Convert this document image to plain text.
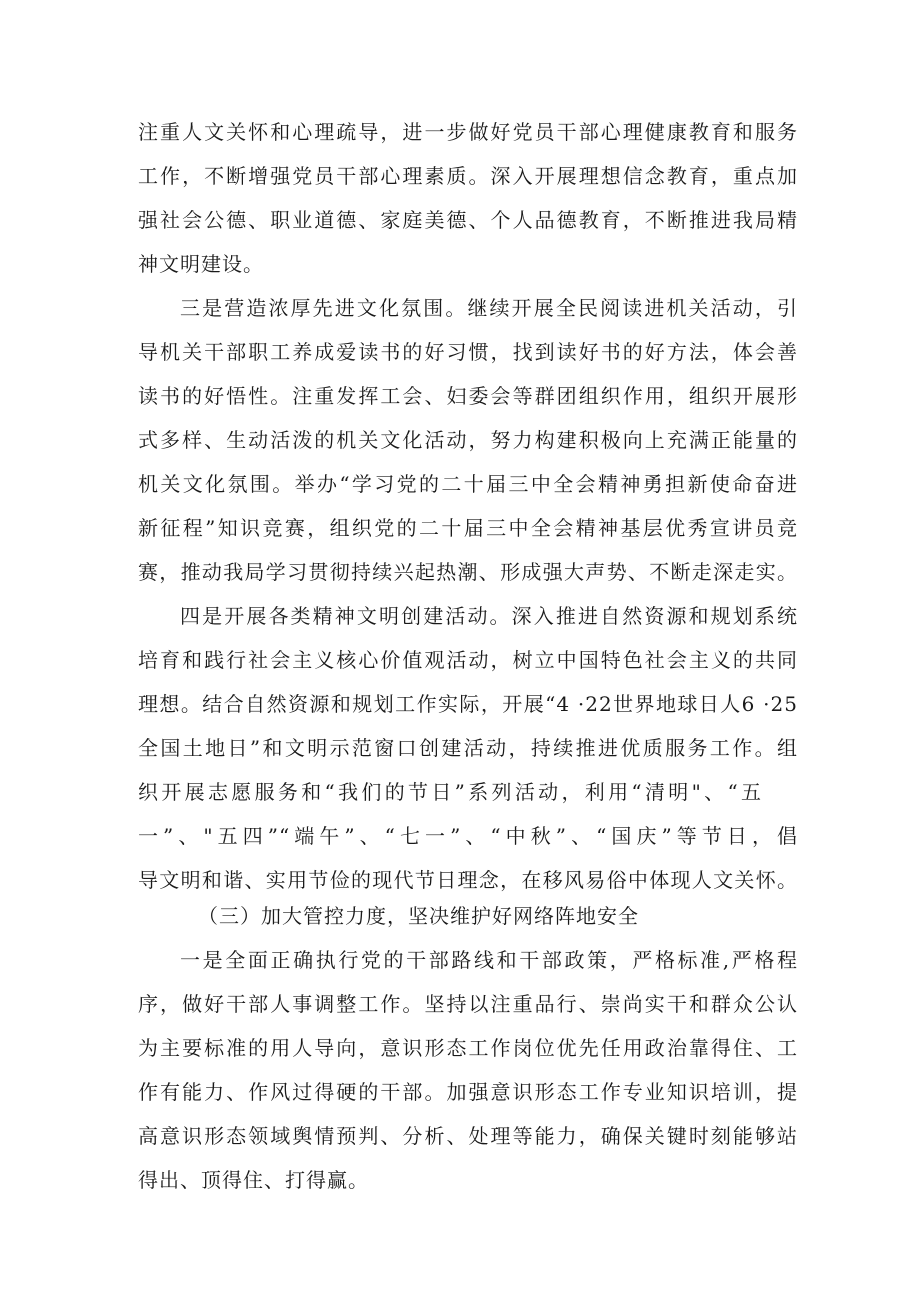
注重人文关怀和心理疏导，进一步做好党员干部心理健康教育和服务
工作，不断增强党员干部心理素质。深入开展理想信念教育，重点加
强社会公德、职业道德、家庭美德、个人品德教育，不断推进我局精
神文明建设。
三是营造浓厚先进文化氛围。继续开展全民阅读进机关活动，引
导机关干部职工养成爱读书的好习惯，找到读好书的好方法，体会善
读书的好悟性。注重发挥工会、妇委会等群团组织作用，组织开展形
式多样、生动活泼的机关文化活动，努力构建积极向上充满正能量的
机关文化氛围。举办“学习党的二十届三中全会精神勇担新使命奋进
新征程”知识竞赛，组织党的二十届三中全会精神基层优秀宣讲员竞
赛，推动我局学习贯彻持续兴起热潮、形成强大声势、不断走深走实。
四是开展各类精神文明创建活动。深入推进自然资源和规划系统
培育和践行社会主义核心价值观活动，树立中国特色社会主义的共同
理想。结合自然资源和规划工作实际，开展“4 ·22世界地球日人6 ·25
全国土地日”和文明示范窗口创建活动，持续推进优质服务工作。组
织开展志愿服务和“我们的节日”系列活动，利用“清明"、“五
一”、"五四”“端午”、“七一”、“中秋”、“国庆”等节日，倡
导文明和谐、实用节俭的现代节日理念，在移风易俗中体现人文关怀。
（三）加大管控力度，坚决维护好网络阵地安全
一是全面正确执行党的干部路线和干部政策，严格标准,严格程
序，做好干部人事调整工作。坚持以注重品行、崇尚实干和群众公认
为主要标准的用人导向，意识形态工作岗位优先任用政治靠得住、工
作有能力、作风过得硬的干部。加强意识形态工作专业知识培训，提
高意识形态领域舆情预判、分析、处理等能力，确保关键时刻能够站
得出、顶得住、打得赢。
